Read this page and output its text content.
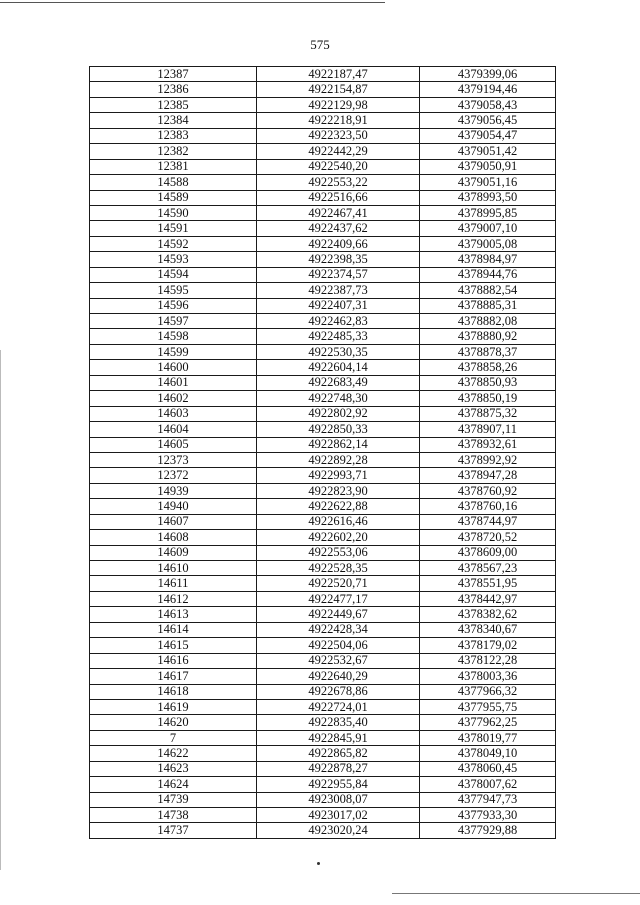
575
12387	4922187,47	4379399,06
12386	4922154,87	4379194,46
12385	4922129,98	4379058,43
12384	4922218,91	4379056,45
12383	4922323,50	4379054,47
12382	4922442,29	4379051,42
12381	4922540,20	4379050,91
14588	4922553,22	4379051,16
14589	4922516,66	4378993,50
14590	4922467,41	4378995,85
14591	4922437,62	4379007,10
14592	4922409,66	4379005,08
14593	4922398,35	4378984,97
14594	4922374,57	4378944,76
14595	4922387,73	4378882,54
14596	4922407,31	4378885,31
14597	4922462,83	4378882,08
14598	4922485,33	4378880,92
14599	4922530,35	4378878,37
14600	4922604,14	4378858,26
14601	4922683,49	4378850,93
14602	4922748,30	4378850,19
14603	4922802,92	4378875,32
14604	4922850,33	4378907,11
14605	4922862,14	4378932,61
12373	4922892,28	4378992,92
12372	4922993,71	4378947,28
14939	4922823,90	4378760,92
14940	4922622,88	4378760,16
14607	4922616,46	4378744,97
14608	4922602,20	4378720,52
14609	4922553,06	4378609,00
14610	4922528,35	4378567,23
14611	4922520,71	4378551,95
14612	4922477,17	4378442,97
14613	4922449,67	4378382,62
14614	4922428,34	4378340,67
14615	4922504,06	4378179,02
14616	4922532,67	4378122,28
14617	4922640,29	4378003,36
14618	4922678,86	4377966,32
14619	4922724,01	4377955,75
14620	4922835,40	4377962,25
7	4922845,91	4378019,77
14622	4922865,82	4378049,10
14623	4922878,27	4378060,45
14624	4922955,84	4378007,62
14739	4923008,07	4377947,73
14738	4923017,02	4377933,30
14737	4923020,24	4377929,88
